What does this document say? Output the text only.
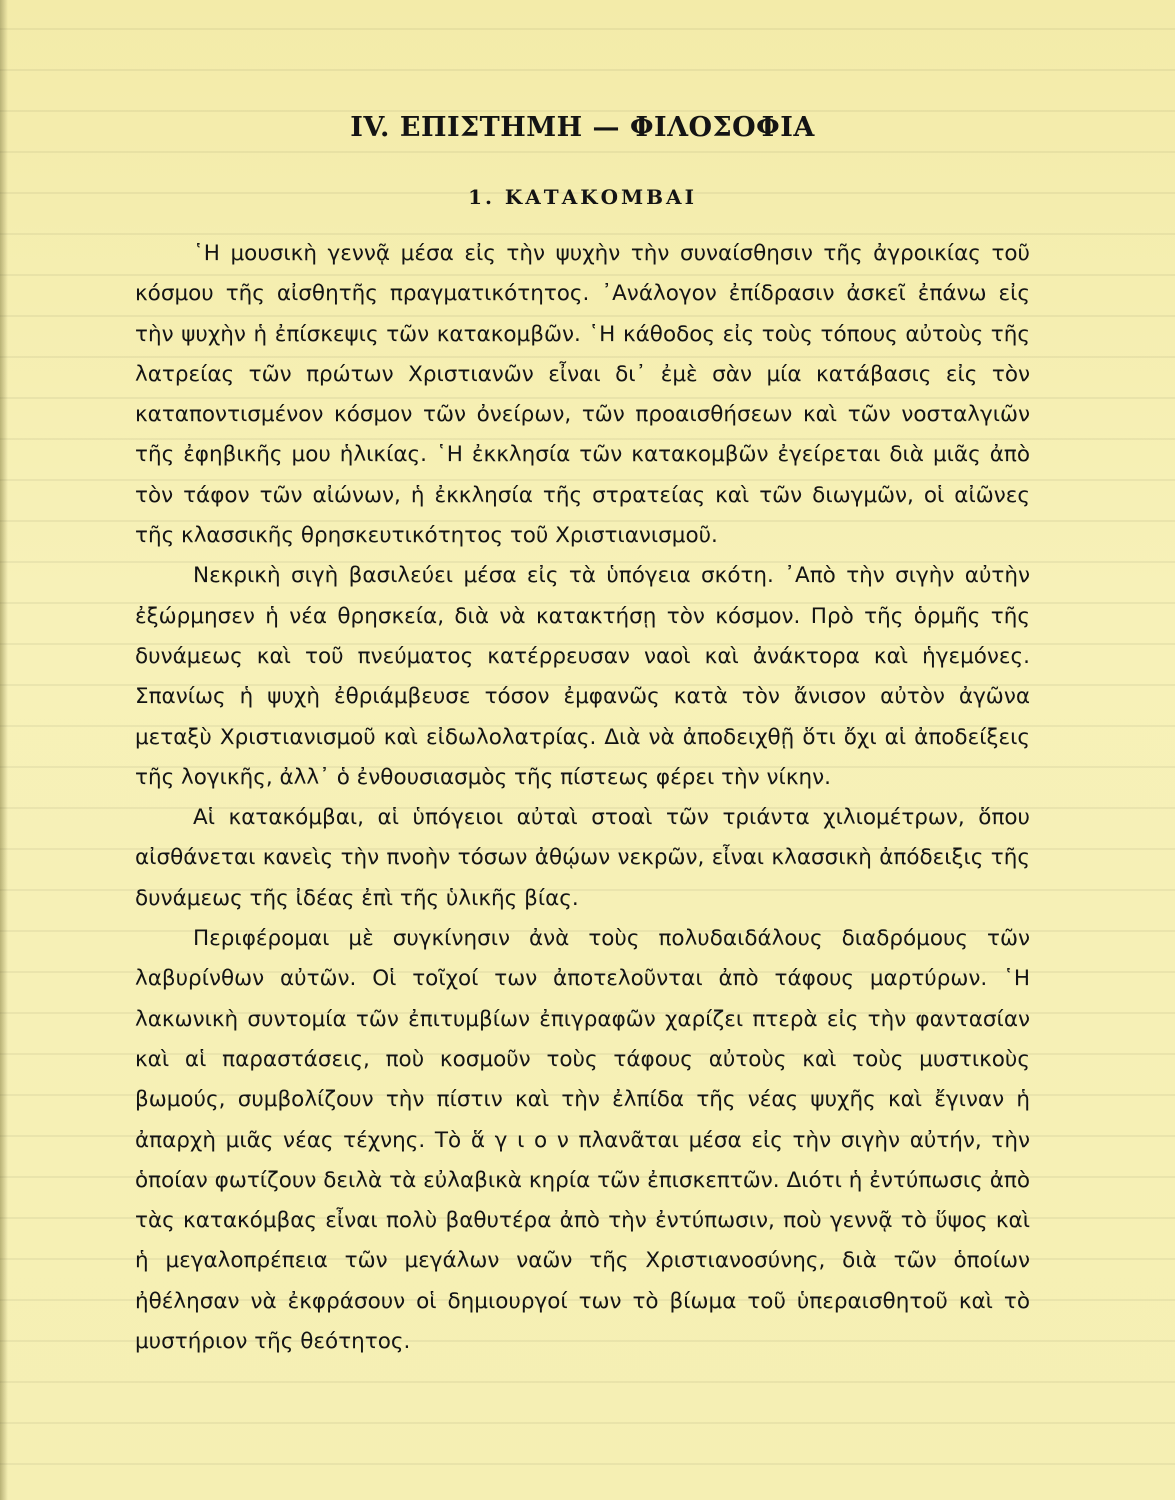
IV. ΕΠΙΣΤΗΜΗ — ΦΙΛΟΣΟΦΙΑ
1. ΚΑΤΑΚΟΜΒΑΙ

῾Η μουσικὴ γεννᾷ μέσα εἰς τὴν ψυχὴν τὴν συναίσθησιν τῆς ἀγροικίας τοῦ κόσμου τῆς αἰσθητῆς πραγματικότητος. ᾿Ανάλογον ἐπίδρασιν ἀσκεῖ ἐπάνω εἰς τὴν ψυχὴν ἡ ἐπίσκεψις τῶν κατακομβῶν. ῾Η κάθοδος εἰς τοὺς τόπους αὐτοὺς τῆς λατρείας τῶν πρώτων Χριστιανῶν εἶναι δι᾿ ἐμὲ σὰν μία κατάβασις εἰς τὸν καταποντισμένον κόσμον τῶν ὀνείρων, τῶν προαισθήσεων καὶ τῶν νοσταλγιῶν τῆς ἐφηβικῆς μου ἡλικίας. ῾Η ἐκκλησία τῶν κατακομβῶν ἐγείρεται διὰ μιᾶς ἀπὸ τὸν τάφον τῶν αἰώνων, ἡ ἐκκλησία τῆς στρατείας καὶ τῶν διωγμῶν, οἱ αἰῶνες τῆς κλασσικῆς θρησκευτικότητος τοῦ Χριστιανισμοῦ.

Νεκρικὴ σιγὴ βασιλεύει μέσα εἰς τὰ ὑπόγεια σκότη. ᾿Απὸ τὴν σιγὴν αὐτὴν ἐξώρμησεν ἡ νέα θρησκεία, διὰ νὰ κατακτήσῃ τὸν κόσμον. Πρὸ τῆς ὁρμῆς τῆς δυνάμεως καὶ τοῦ πνεύματος κατέρρευσαν ναοὶ καὶ ἀνάκτορα καὶ ἡγεμόνες. Σπανίως ἡ ψυχὴ ἐθριάμβευσε τόσον ἐμφανῶς κατὰ τὸν ἄνισον αὐτὸν ἀγῶνα μεταξὺ Χριστιανισμοῦ καὶ εἰδωλολατρίας. Διὰ νὰ ἀποδειχθῇ ὅτι ὄχι αἱ ἀποδείξεις τῆς λογικῆς, ἀλλ᾿ ὁ ἐνθουσιασμὸς τῆς πίστεως φέρει τὴν νίκην.

Αἱ κατακόμβαι, αἱ ὑπόγειοι αὐταὶ στοαὶ τῶν τριάντα χιλιομέτρων, ὅπου αἰσθάνεται κανεὶς τὴν πνοὴν τόσων ἀθῴων νεκρῶν, εἶναι κλασσικὴ ἀπόδειξις τῆς δυνάμεως τῆς ἰδέας ἐπὶ τῆς ὑλικῆς βίας.

Περιφέρομαι μὲ συγκίνησιν ἀνὰ τοὺς πολυδαιδάλους διαδρόμους τῶν λαβυρίνθων αὐτῶν. Οἱ τοῖχοί των ἀποτελοῦνται ἀπὸ τάφους μαρτύρων. ῾Η λακωνικὴ συντομία τῶν ἐπιτυμβίων ἐπιγραφῶν χαρίζει πτερὰ εἰς τὴν φαντασίαν καὶ αἱ παραστάσεις, ποὺ κοσμοῦν τοὺς τάφους αὐτοὺς καὶ τοὺς μυστικοὺς βωμούς, συμβολίζουν τὴν πίστιν καὶ τὴν ἐλπίδα τῆς νέας ψυχῆς καὶ ἔγιναν ἡ ἀπαρχὴ μιᾶς νέας τέχνης. Τὸ ἅ γ ι ο ν πλανᾶται μέσα εἰς τὴν σιγὴν αὐτήν, τὴν ὁποίαν φωτίζουν δειλὰ τὰ εὐλαβικὰ κηρία τῶν ἐπισκεπτῶν. Διότι ἡ ἐντύπωσις ἀπὸ τὰς κατακόμβας εἶναι πολὺ βαθυτέρα ἀπὸ τὴν ἐντύπωσιν, ποὺ γεννᾷ τὸ ὕψος καὶ ἡ μεγαλοπρέπεια τῶν μεγάλων ναῶν τῆς Χριστιανοσύνης, διὰ τῶν ὁποίων ἠθέλησαν νὰ ἐκφράσουν οἱ δημιουργοί των τὸ βίωμα τοῦ ὑπεραισθητοῦ καὶ τὸ μυστήριον τῆς θεότητος.
